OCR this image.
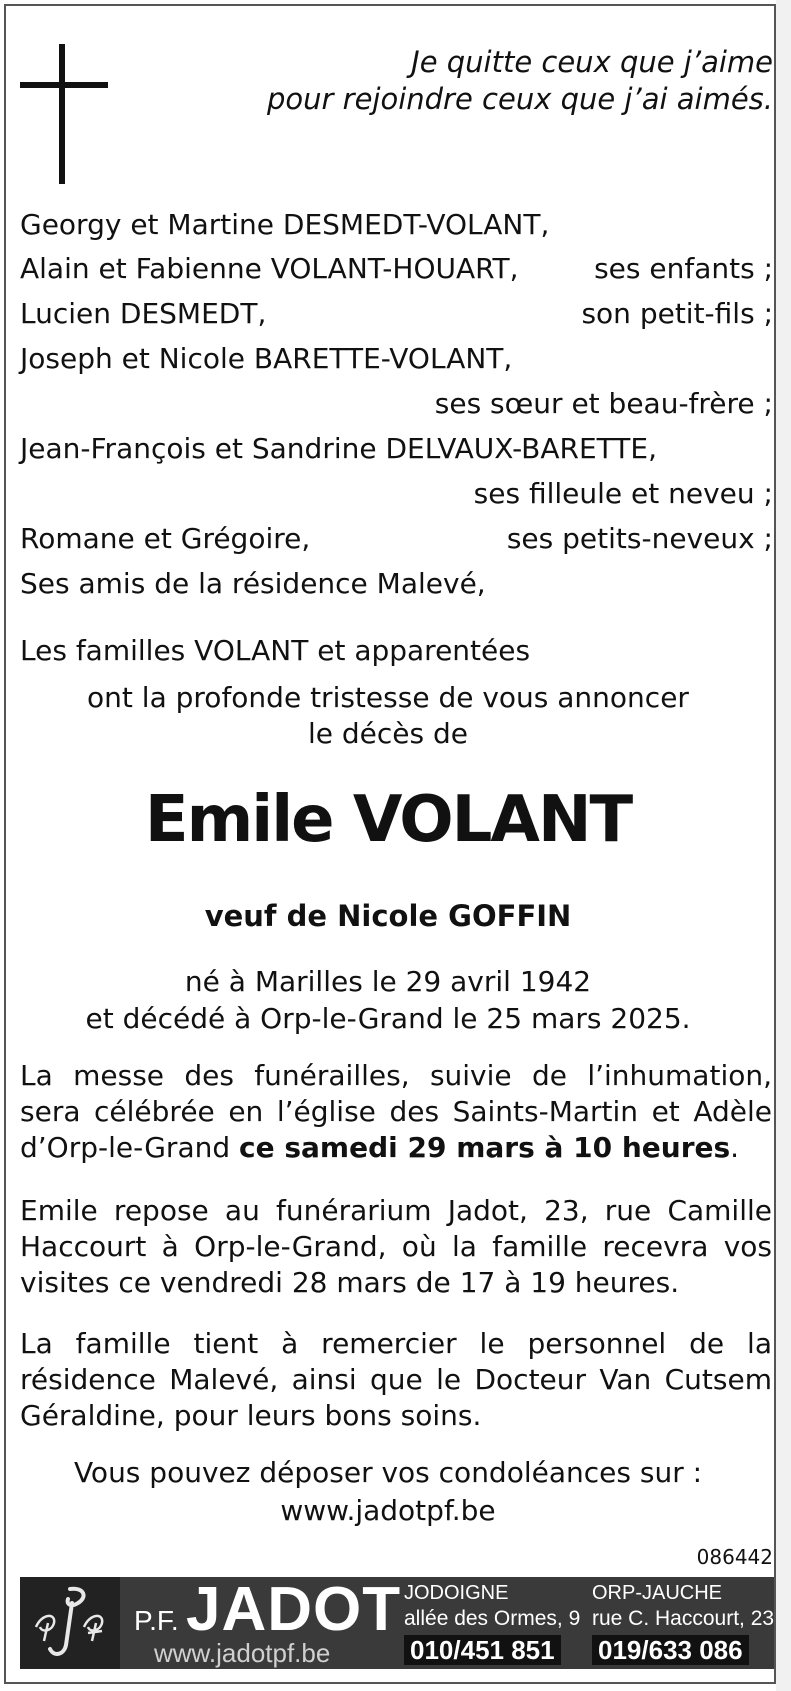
Je quitte ceux que j’aime
pour rejoindre ceux que j’ai aimés.
Georgy et Martine DESMEDT-VOLANT,
Alain et Fabienne VOLANT-HOUART,	ses enfants ;
Lucien DESMEDT,	son petit-fils ;
Joseph et Nicole BARETTE-VOLANT,
ses sœur et beau-frère ;
Jean-François et Sandrine DELVAUX-BARETTE,
ses filleule et neveu ;
Romane et Grégoire,	ses petits-neveux ;
Ses amis de la résidence Malevé,
Les familles VOLANT et apparentées
ont la profonde tristesse de vous annoncer
le décès de
Emile VOLANT
veuf de Nicole GOFFIN
né à Marilles le 29 avril 1942
et décédé à Orp-le-Grand le 25 mars 2025.
La messe des funérailles, suivie de l’inhumation, sera célébrée en l’église des Saints-Martin et Adèle d’Orp-le-Grand ce samedi 29 mars à 10 heures.
Emile repose au funérarium Jadot, 23, rue Camille Haccourt à Orp-le-Grand, où la famille recevra vos visites ce vendredi 28 mars de 17 à 19 heures.
La famille tient à remercier le personnel de la résidence Malevé, ainsi que le Docteur Van Cutsem Géraldine, pour leurs bons soins.
Vous pouvez déposer vos condoléances sur :
www.jadotpf.be
086442
P.F. JADOT
www.jadotpf.be
JODOIGNE
allée des Ormes, 9
010/451 851
ORP-JAUCHE
rue C. Haccourt, 23
019/633 086
